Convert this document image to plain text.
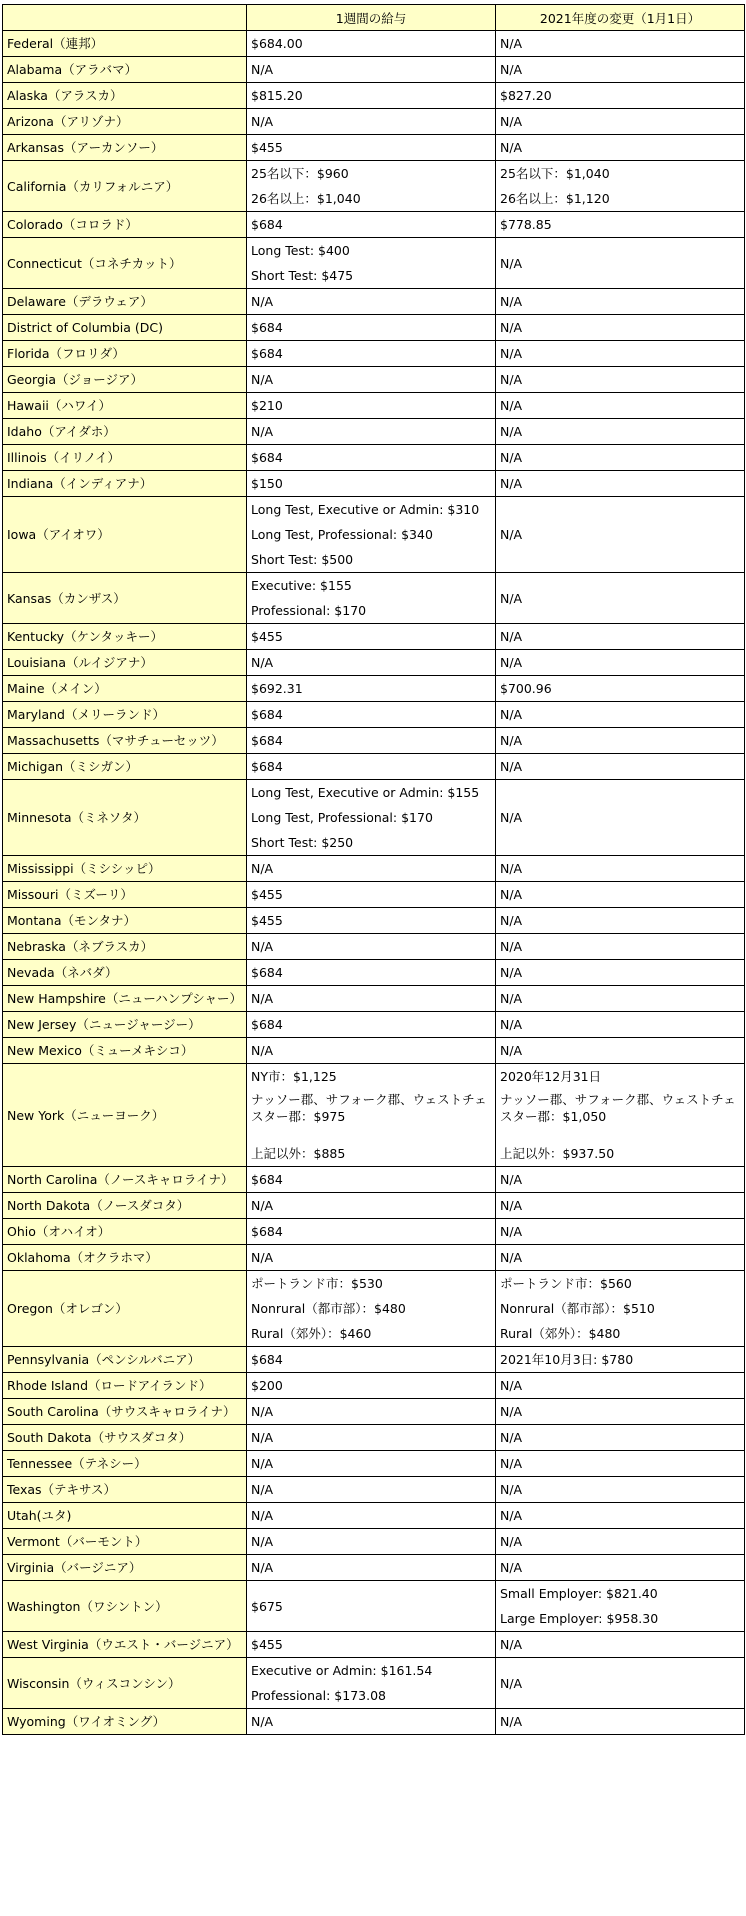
	1週間の給与	2021年度の変更（1月1日）

Federal（連邦）	$684.00	N/A

Alabama（アラバマ）	N/A	N/A

Alaska（アラスカ）	$815.20	$827.20

Arizona（アリゾナ）	N/A	N/A

Arkansas（アーカンソー）	$455	N/A

California（カリフォルニア）	25名以下：$960
26名以上：$1,040	25名以下：$1,040
26名以上：$1,120

Colorado（コロラド）	$684	$778.85

Connecticut（コネチカット）	Long Test: $400
Short Test: $475	N/A

Delaware（デラウェア）	N/A	N/A

District of Columbia (DC)	$684	N/A

Florida（フロリダ）	$684	N/A

Georgia（ジョージア）	N/A	N/A

Hawaii（ハワイ）	$210	N/A

Idaho（アイダホ）	N/A	N/A

Illinois（イリノイ）	$684	N/A

Indiana（インディアナ）	$150	N/A

Iowa（アイオワ）	Long Test, Executive or Admin: $310
Long Test, Professional: $340
Short Test: $500	N/A

Kansas（カンザス）	Executive: $155
Professional: $170	N/A

Kentucky（ケンタッキー）	$455	N/A

Louisiana（ルイジアナ）	N/A	N/A

Maine（メイン）	$692.31	$700.96

Maryland（メリーランド）	$684	N/A

Massachusetts（マサチューセッツ）	$684	N/A

Michigan（ミシガン）	$684	N/A

Minnesota（ミネソタ）	Long Test, Executive or Admin: $155
Long Test, Professional: $170
Short Test: $250	N/A

Mississippi（ミシシッピ）	N/A	N/A

Missouri（ミズーリ）	$455	N/A

Montana（モンタナ）	$455	N/A

Nebraska（ネブラスカ）	N/A	N/A

Nevada（ネバダ）	$684	N/A

New Hampshire（ニューハンプシャー）	N/A	N/A

New Jersey（ニュージャージー）	$684	N/A

New Mexico（ミューメキシコ）	N/A	N/A

New York（ニューヨーク）	NY市：$1,125
ナッソー郡、サフォーク郡、ウェストチェスター郡：$975
上記以外：$885	2020年12月31日
ナッソー郡、サフォーク郡、ウェストチェスター郡：$1,050
上記以外：$937.50

North Carolina（ノースキャロライナ）	$684	N/A

North Dakota（ノースダコタ）	N/A	N/A

Ohio（オハイオ）	$684	N/A

Oklahoma（オクラホマ）	N/A	N/A

Oregon（オレゴン）	ポートランド市：$530
Nonrural（都市部）：$480
Rural（郊外）：$460	ポートランド市：$560
Nonrural（都市部）：$510
Rural（郊外）：$480

Pennsylvania（ペンシルバニア）	$684	2021年10月3日: $780

Rhode Island（ロードアイランド）	$200	N/A

South Carolina（サウスキャロライナ）	N/A	N/A

South Dakota（サウスダコタ）	N/A	N/A

Tennessee（テネシー）	N/A	N/A

Texas（テキサス）	N/A	N/A

Utah(ユタ)	N/A	N/A

Vermont（バーモント）	N/A	N/A

Virginia（バージニア）	N/A	N/A

Washington（ワシントン）	$675	Small Employer: $821.40
Large Employer: $958.30

West Virginia（ウエスト・バージニア）	$455	N/A

Wisconsin（ウィスコンシン）	Executive or Admin: $161.54
Professional: $173.08	N/A

Wyoming（ワイオミング）	N/A	N/A
